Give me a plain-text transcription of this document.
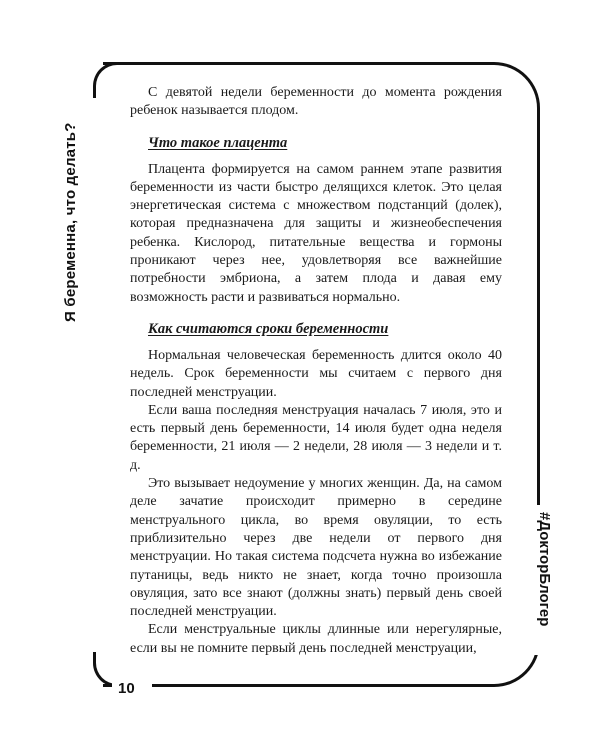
10
Я беременна, что делать?
#ДокторБлогер

С девятой недели беременности до момента рождения ребенок называется плодом.

Что такое плацента

Плацента формируется на самом раннем этапе развития беременности из части быстро делящихся клеток. Это целая энергетическая система с множеством подстанций (долек), которая предназначена для защиты и жизнеобеспечения ребенка. Кислород, питательные вещества и гормоны проникают через нее, удовлетворяя все важнейшие потребности эмбриона, а затем плода и давая ему возможность расти и развиваться нормально.

Как считаются сроки беременности

Нормальная человеческая беременность длится около 40 недель. Срок беременности мы считаем с первого дня последней менструации.

Если ваша последняя менструация началась 7 июля, это и есть первый день беременности, 14 июля будет одна неделя беременности, 21 июля — 2 недели, 28 июля — 3 недели и т. д.

Это вызывает недоумение у многих женщин. Да, на самом деле зачатие происходит примерно в середине менструального цикла, во время овуляции, то есть приблизительно через две недели от первого дня менструации. Но такая система подсчета нужна во избежание путаницы, ведь никто не знает, когда точно произошла овуляция, зато все знают (должны знать) первый день своей последней менструации.

Если менструальные циклы длинные или нерегулярные, если вы не помните первый день последней менструации,
